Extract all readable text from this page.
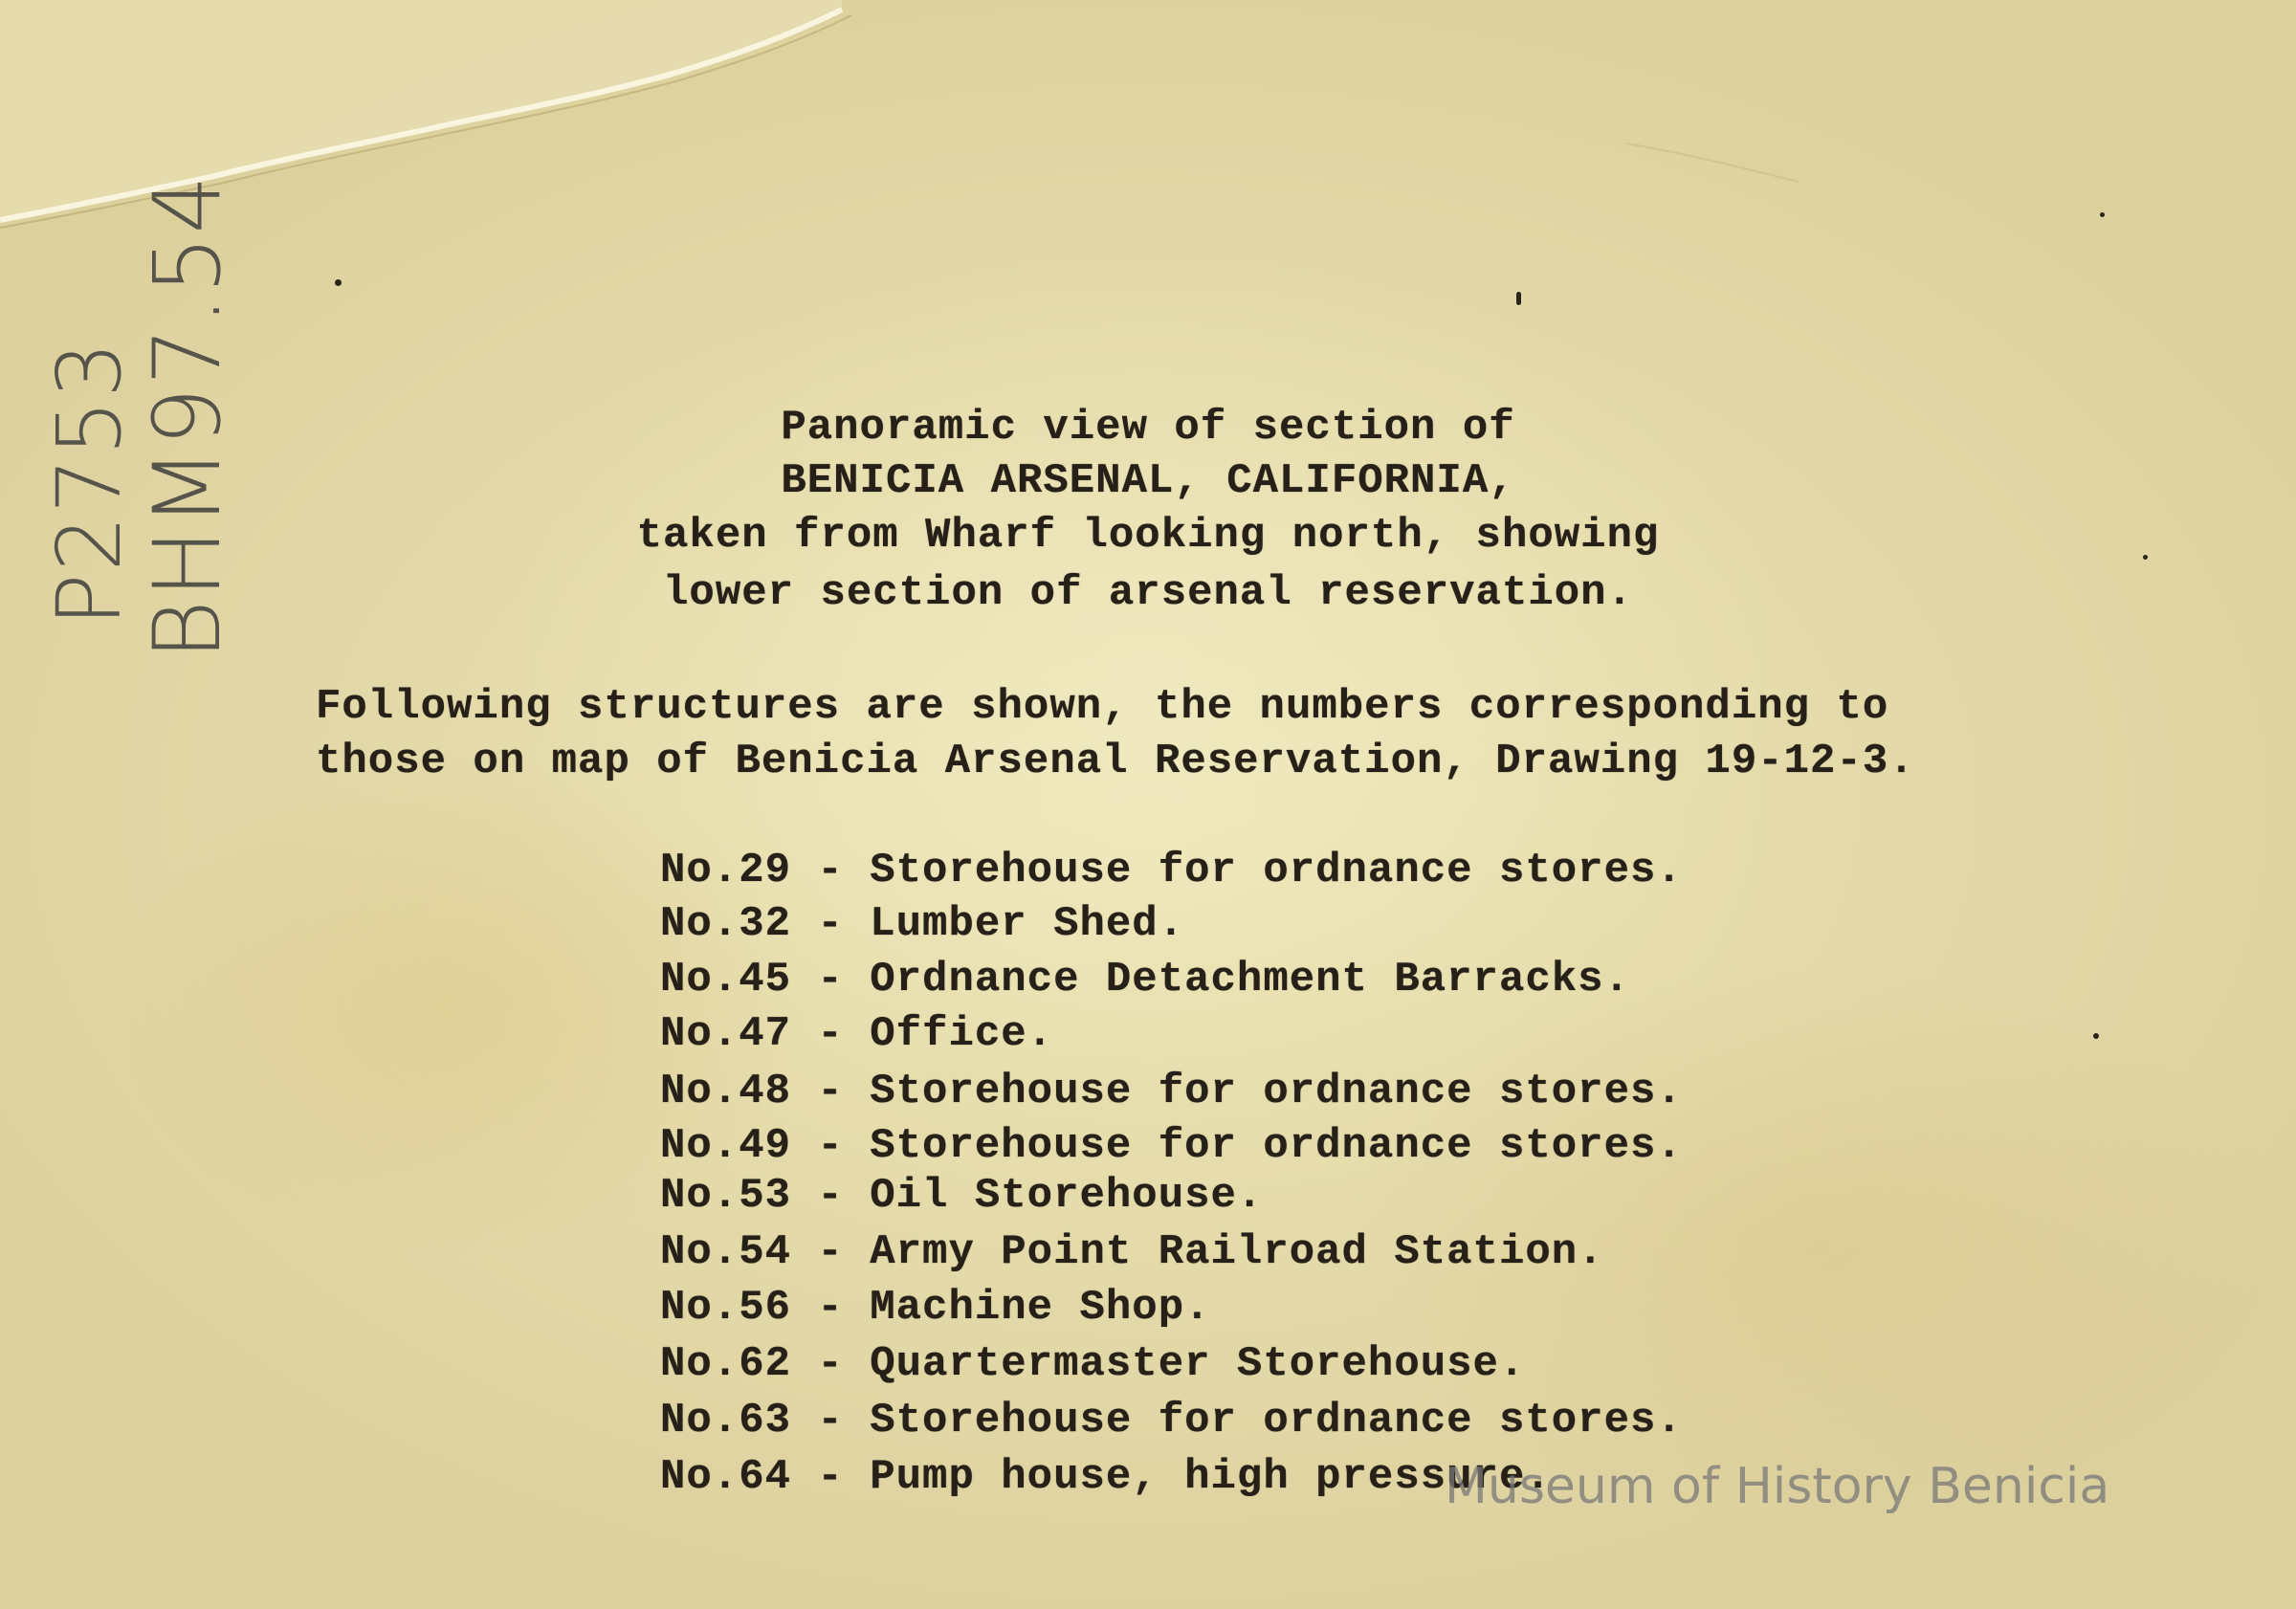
P2753
BHM97.54	Panoramic view of section of
BENICIA ARSENAL, CALIFORNIA,
taken from Wharf looking north, showing
lower section of arsenal reservation.
Following structures are shown, the numbers corresponding to
those on map of Benicia Arsenal Reservation, Drawing 19-12-3.
No.29 - Storehouse for ordnance stores.
No.32 - Lumber Shed.
No.45 - Ordnance Detachment Barracks.
No.47 - Office.
No.48 - Storehouse for ordnance stores.
No.49 - Storehouse for ordnance stores.
No.53 - Oil Storehouse.
No.54 - Army Point Railroad Station.
No.56 - Machine Shop.
No.62 - Quartermaster Storehouse.
No.63 - Storehouse for ordnance stores.
No.64 - Pump house, high pressure.
Museum of History Benicia
